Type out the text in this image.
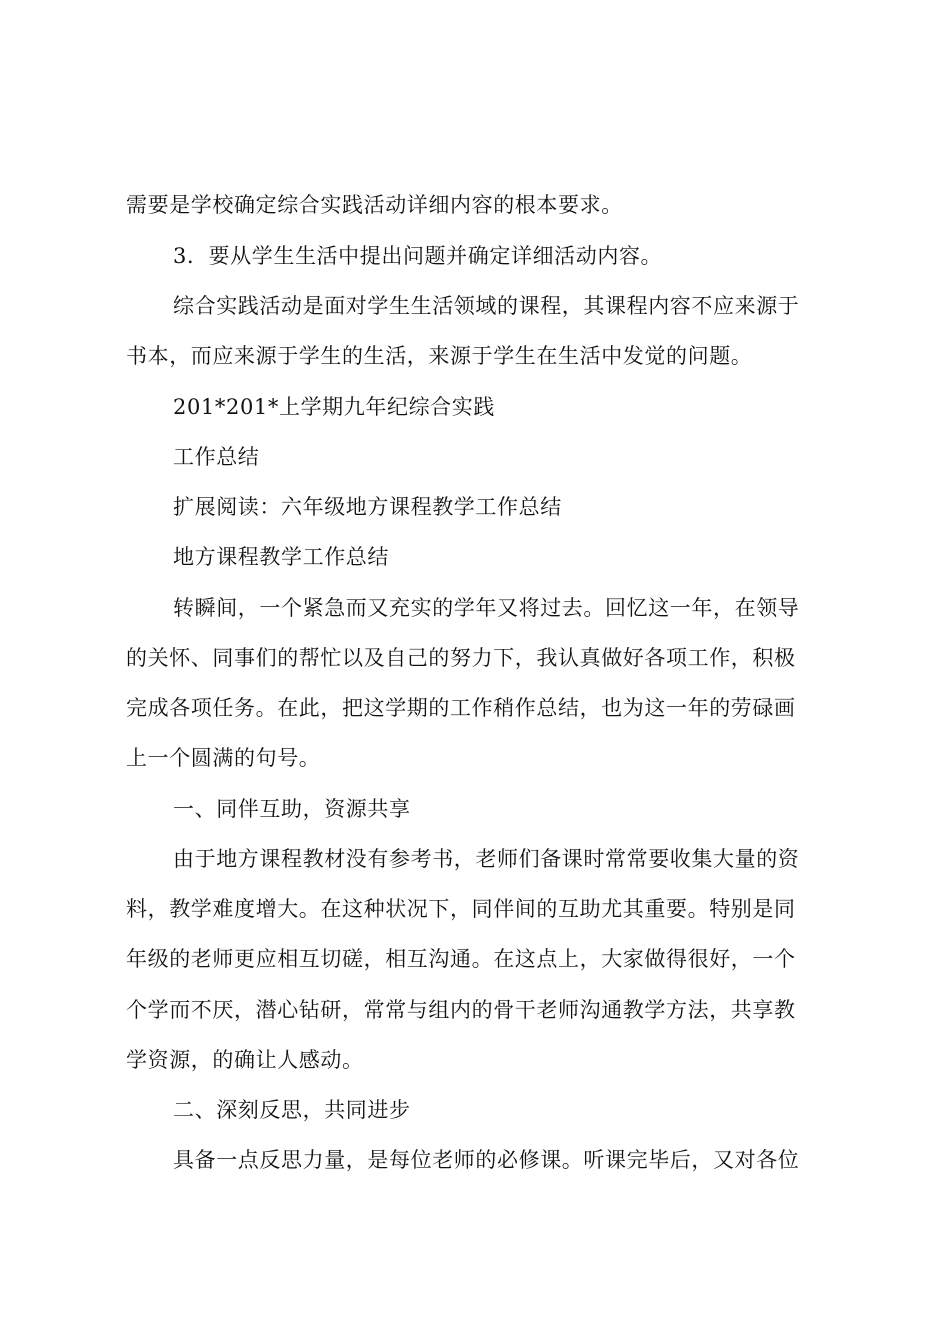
需要是学校确定综合实践活动详细内容的根本要求。
3．要从学生生活中提出问题并确定详细活动内容。
综合实践活动是面对学生生活领域的课程，其课程内容不应来源于
书本，而应来源于学生的生活，来源于学生在生活中发觉的问题。
201*201*上学期九年纪综合实践
工作总结
扩展阅读：六年级地方课程教学工作总结
地方课程教学工作总结
转瞬间，一个紧急而又充实的学年又将过去。回忆这一年，在领导
的关怀、同事们的帮忙以及自己的努力下，我认真做好各项工作，积极
完成各项任务。在此，把这学期的工作稍作总结，也为这一年的劳碌画
上一个圆满的句号。
一、同伴互助，资源共享
由于地方课程教材没有参考书，老师们备课时常常要收集大量的资
料，教学难度增大。在这种状况下，同伴间的互助尤其重要。特别是同
年级的老师更应相互切磋，相互沟通。在这点上，大家做得很好，一个
个学而不厌，潜心钻研，常常与组内的骨干老师沟通教学方法，共享教
学资源，的确让人感动。
二、深刻反思，共同进步
具备一点反思力量，是每位老师的必修课。听课完毕后，又对各位
